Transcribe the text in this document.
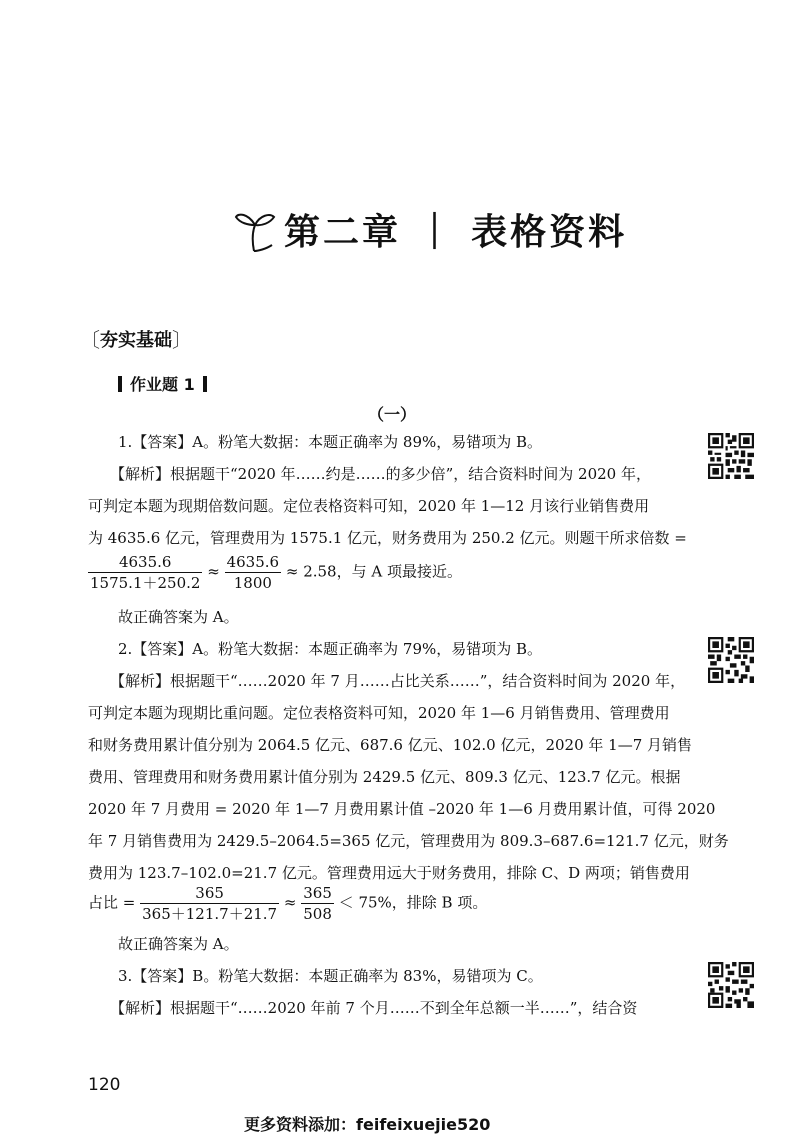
第二章 ｜ 表格资料
〔 夯实基础 〕
作业题 1
（一）
1.【答案】A。粉笔大数据：本题正确率为 89%，易错项为 B。
【解析】根据题干“2020 年……约是……的多少倍”，结合资料时间为 2020 年，
可判定本题为现期倍数问题。定位表格资料可知，2020 年 1—12 月该行业销售费用
为 4635.6 亿元，管理费用为 1575.1 亿元，财务费用为 250.2 亿元。则题干所求倍数 =
$\frac{4635.6}{1575.1+250.2} \approx \frac{4635.6}{1800} \approx 2.58$，与 A 项最接近。
故正确答案为 A。
2.【答案】A。粉笔大数据：本题正确率为 79%，易错项为 B。
【解析】根据题干“……2020 年 7 月……占比关系……”，结合资料时间为 2020 年，
可判定本题为现期比重问题。定位表格资料可知，2020 年 1—6 月销售费用、管理费用
和财务费用累计值分别为 2064.5 亿元、687.6 亿元、102.0 亿元，2020 年 1—7 月销售
费用、管理费用和财务费用累计值分别为 2429.5 亿元、809.3 亿元、123.7 亿元。根据
2020 年 7 月费用 = 2020 年 1—7 月费用累计值 –2020 年 1—6 月费用累计值，可得 2020
年 7 月销售费用为 2429.5–2064.5=365 亿元，管理费用为 809.3–687.6=121.7 亿元，财务
费用为 123.7–102.0=21.7 亿元。管理费用远大于财务费用，排除 C、D 两项；销售费用
占比 = $\frac{365}{365+121.7+21.7} \approx \frac{365}{508} < 75\%$，排除 B 项。
故正确答案为 A。
3.【答案】B。粉笔大数据：本题正确率为 83%，易错项为 C。
【解析】根据题干“……2020 年前 7 个月……不到全年总额一半……”，结合资
120
更多资料添加：feifeixuejie520
